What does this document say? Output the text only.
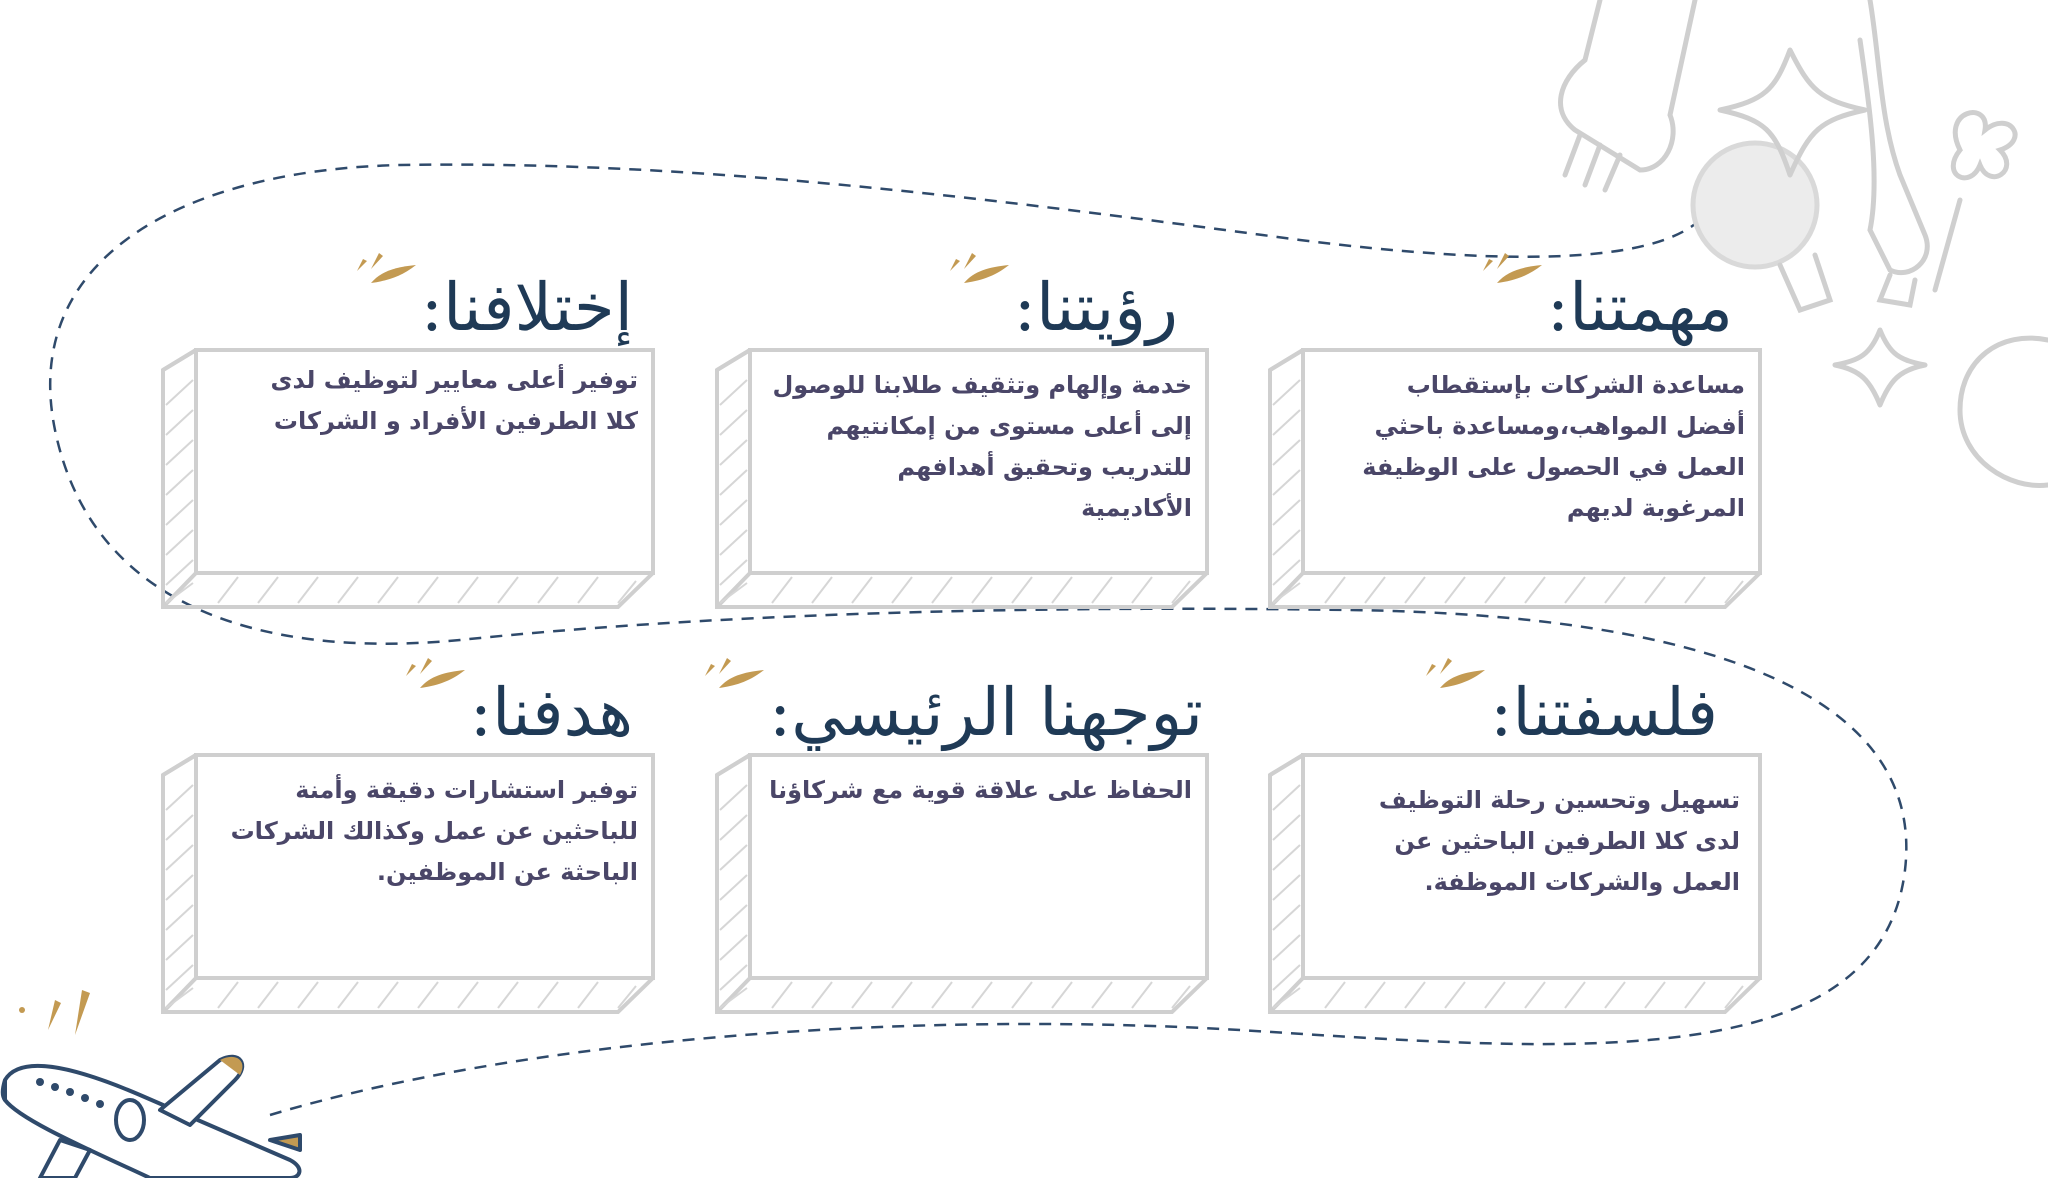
مهمتنا:
رؤيتنا:
إختلافنا:
مساعدة الشركات بإستقطاب
أفضل المواهب،ومساعدة باحثي
العمل في الحصول على الوظيفة
المرغوبة لديهم
خدمة وإلهام وتثقيف طلابنا للوصول
إلى أعلى مستوى من إمكانتيهم
للتدريب وتحقيق أهدافهم
الأكاديمية
توفير أعلى معايير لتوظيف لدى
كلا الطرفين الأفراد و الشركات
فلسفتنا:
توجهنا الرئيسي:
هدفنا:
تسهيل وتحسين رحلة التوظيف
لدى كلا الطرفين الباحثين عن
العمل والشركات الموظفة.
الحفاظ على علاقة قوية مع شركاؤنا
توفير استشارات دقيقة وأمنة
للباحثين عن عمل وكذالك الشركات
الباحثة عن الموظفين.
